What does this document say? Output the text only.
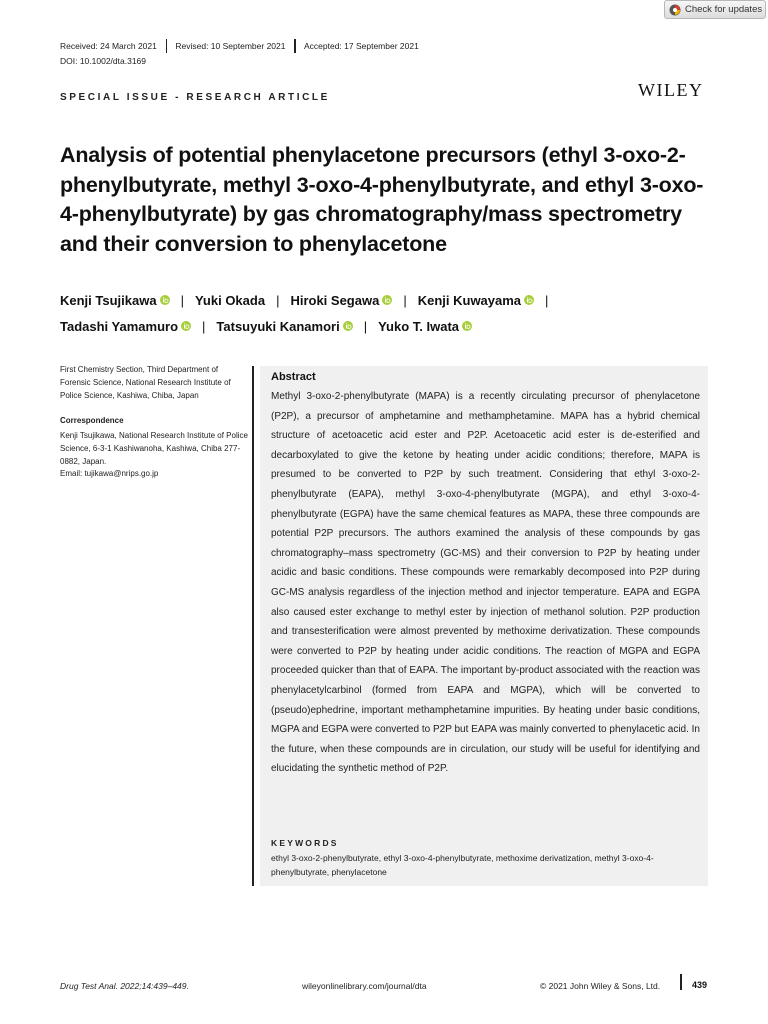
Check for updates
Received: 24 March 2021 Revised: 10 September 2021 Accepted: 17 September 2021
DOI: 10.1002/dta.3169
SPECIAL ISSUE - RESEARCH ARTICLE	WILEY
Analysis of potential phenylacetone precursors (ethyl 3-oxo-2-phenylbutyrate, methyl 3-oxo-4-phenylbutyrate, and ethyl 3-oxo-4-phenylbutyrate) by gas chromatography/mass spectrometry and their conversion to phenylacetone
Kenji Tsujikawa | Yuki Okada | Hiroki Segawa | Kenji Kuwayama |
Tadashi Yamamuro | Tatsuyuki Kanamori | Yuko T. Iwata
First Chemistry Section, Third Department of Forensic Science, National Research Institute of Police Science, Kashiwa, Chiba, Japan
Correspondence
Kenji Tsujikawa, National Research Institute of Police Science, 6-3-1 Kashiwanoha, Kashiwa, Chiba 277-0882, Japan.
Email: tujikawa@nrips.go.jp
Abstract
Methyl 3-oxo-2-phenylbutyrate (MAPA) is a recently circulating precursor of phenylacetone (P2P), a precursor of amphetamine and methamphetamine. MAPA has a hybrid chemical structure of acetoacetic acid ester and P2P. Acetoacetic acid ester is de-esterified and decarboxylated to give the ketone by heating under acidic conditions; therefore, MAPA is presumed to be converted to P2P by such treatment. Considering that ethyl 3-oxo-2-phenylbutyrate (EAPA), methyl 3-oxo-4-phenylbutyrate (MGPA), and ethyl 3-oxo-4-phenylbutyrate (EGPA) have the same chemical features as MAPA, these three compounds are potential P2P precursors. The authors examined the analysis of these compounds by gas chromatography–mass spectrometry (GC-MS) and their conversion to P2P by heating under acidic and basic conditions. These compounds were remarkably decomposed into P2P during GC-MS analysis regardless of the injection method and injector temperature. EAPA and EGPA also caused ester exchange to methyl ester by injection of methanol solution. P2P production and transesterification were almost prevented by methoxime derivatization. These compounds were converted to P2P by heating under acidic conditions. The reaction of MGPA and EGPA proceeded quicker than that of EAPA. The important by-product associated with the reaction was phenylacetylcarbinol (formed from EAPA and MGPA), which will be converted to (pseudo)ephedrine, important methamphetamine impurities. By heating under basic conditions, MGPA and EGPA were converted to P2P but EAPA was mainly converted to phenylacetic acid. In the future, when these compounds are in circulation, our study will be useful for identifying and elucidating the synthetic method of P2P.
KEYWORDS
ethyl 3-oxo-2-phenylbutyrate, ethyl 3-oxo-4-phenylbutyrate, methoxime derivatization, methyl 3-oxo-4-phenylbutyrate, phenylacetone
Drug Test Anal. 2022;14:439–449.	wileyonlinelibrary.com/journal/dta	© 2021 John Wiley & Sons, Ltd.	439
